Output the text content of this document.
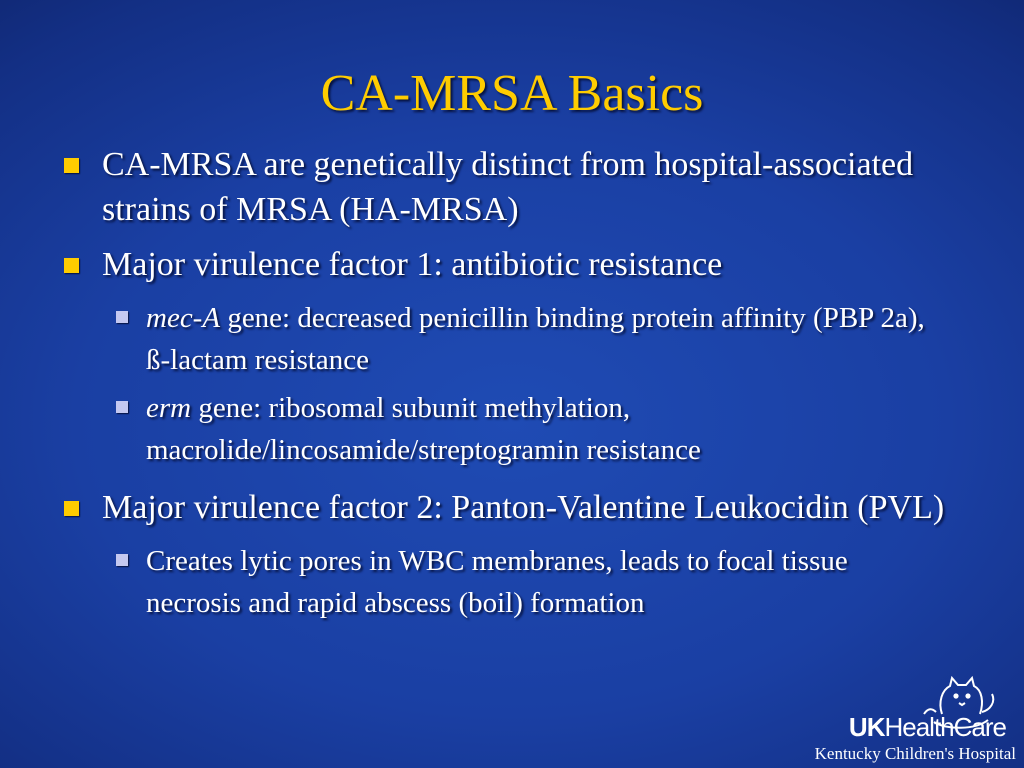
CA-MRSA Basics
CA-MRSA are genetically distinct from hospital-associated strains of MRSA (HA-MRSA)
Major virulence factor 1: antibiotic resistance
mec-A gene: decreased penicillin binding protein affinity (PBP 2a), ß-lactam resistance
erm gene: ribosomal subunit methylation, macrolide/lincosamide/streptogramin resistance
Major virulence factor 2: Panton-Valentine Leukocidin (PVL)
Creates lytic pores in WBC membranes, leads to focal tissue necrosis and rapid abscess (boil) formation
UKHealthCare
Kentucky Children's Hospital
